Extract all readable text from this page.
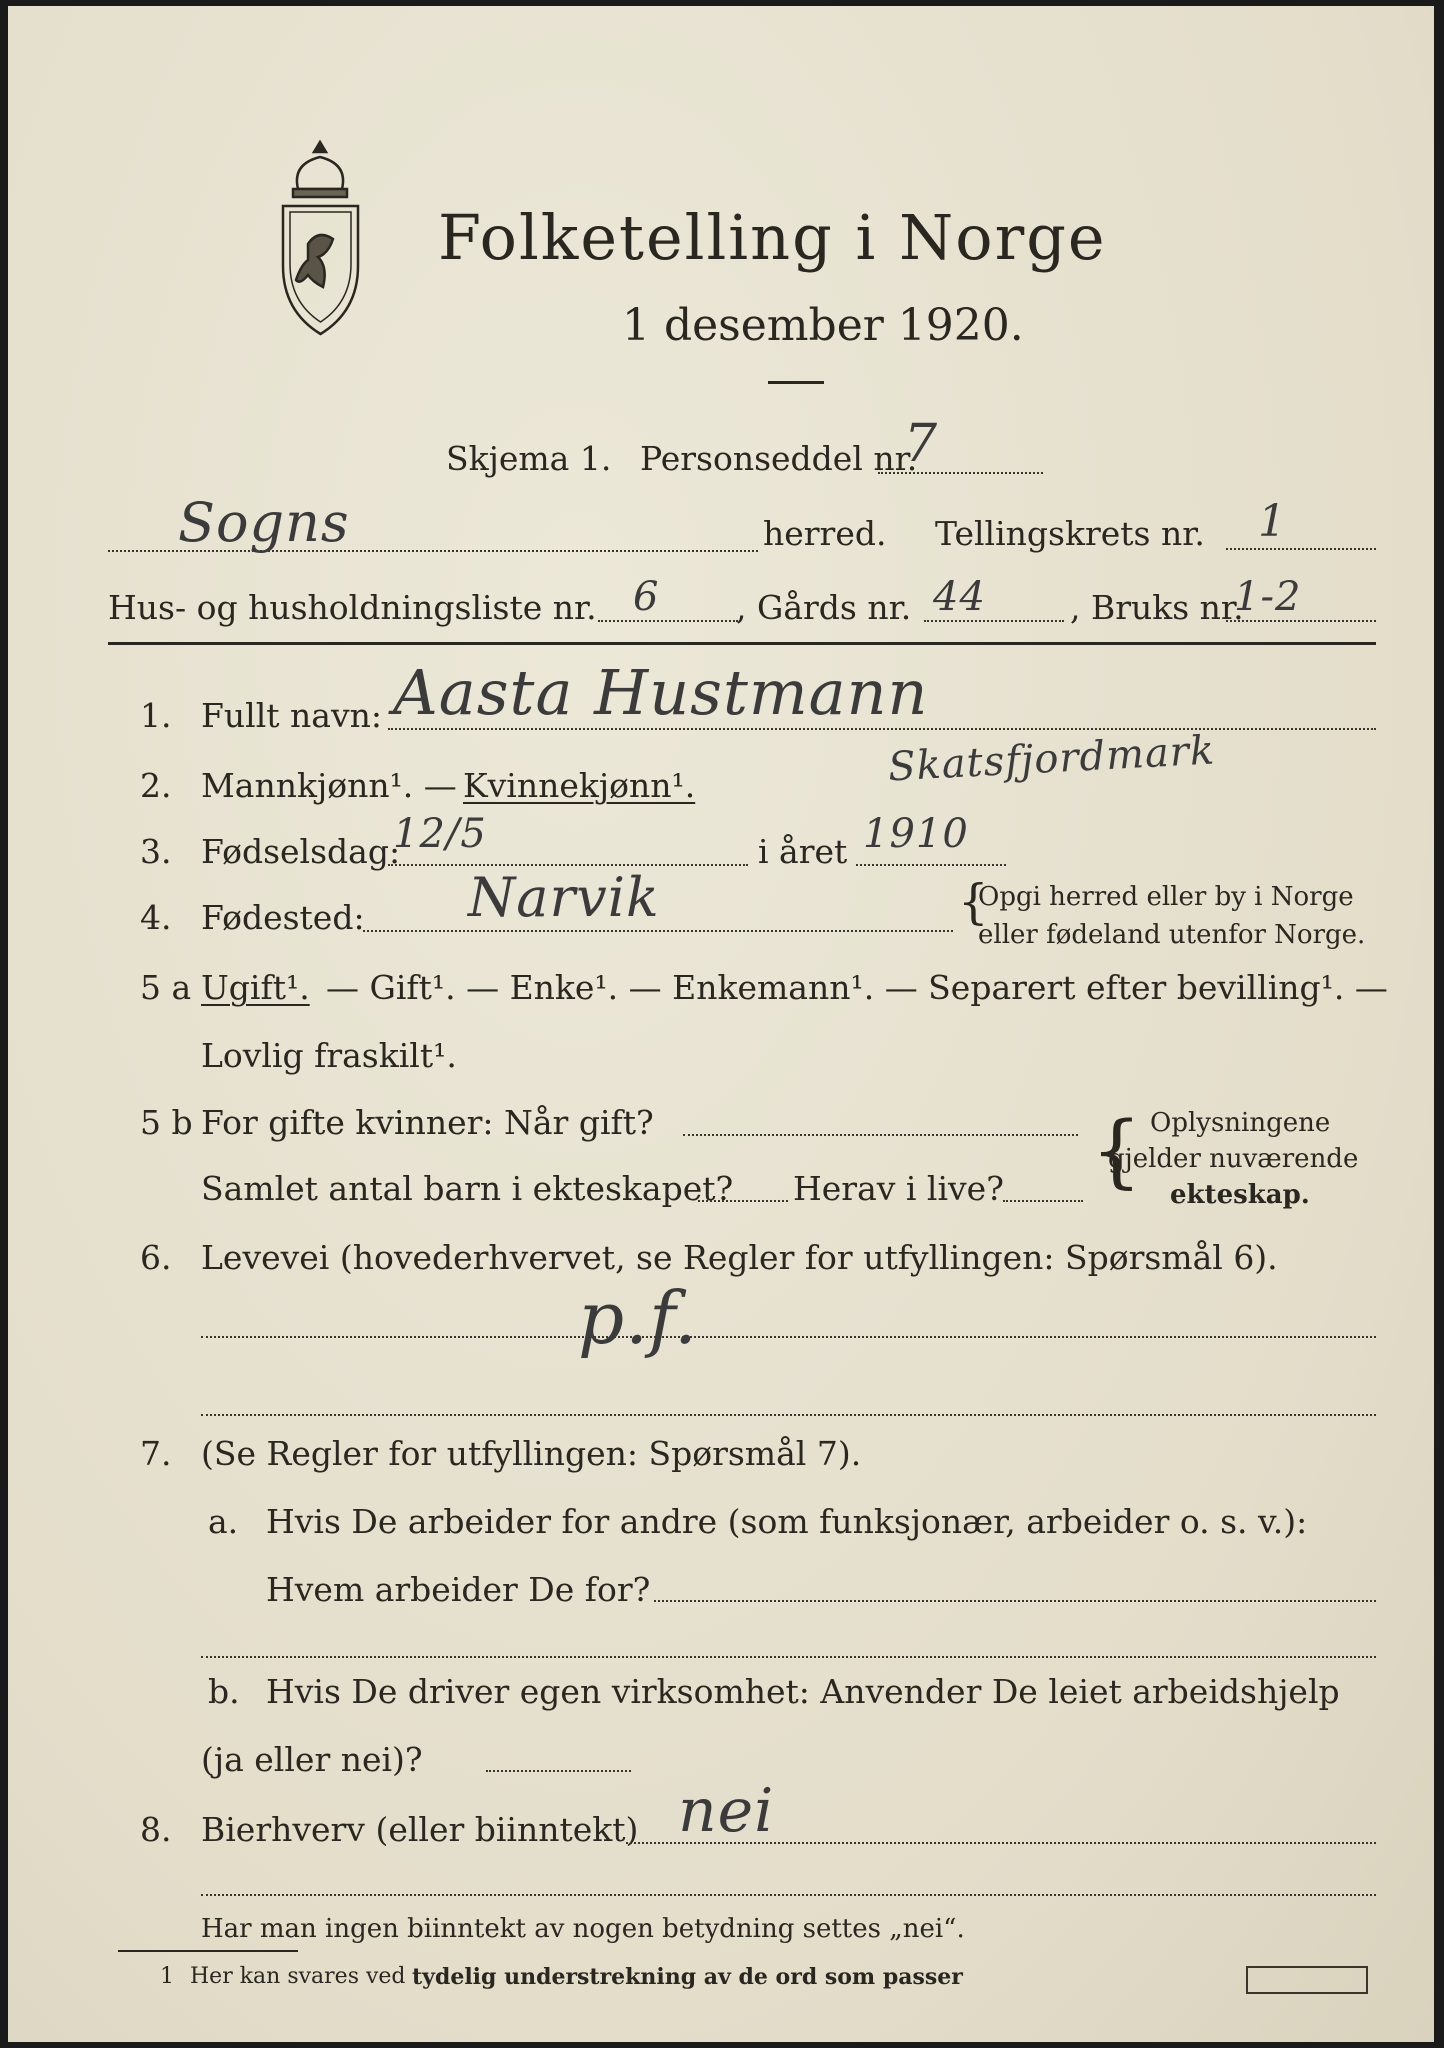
Folketelling i Norge
1 desember 1920.
Skjema 1. Personseddel nr.
7
Sogns	herred. Tellingskrets nr. 1
Hus- og husholdningsliste nr. 6 , Gårds nr. 44	, Bruks nr.
1-2
1. Fullt navn: Aasta Hustmann
2. Mannkjønn¹. — Kvinnekjønn¹.	Skatsfjordmark
3. Fødselsdag:
12/5	i året 1910
4. Fødested: Narvik	{
Opgi herred eller by i Norge
eller fødeland utenfor Norge.
5 a Ugift¹. — Gift¹. — Enke¹. — Enkemann¹. — Separert efter bevilling¹. —
Lovlig fraskilt¹.
5 b For gifte kvinner: Når gift?
Samlet antal barn i ekteskapet? Herav i live? { Oplysningene
gjelder nuværende
ekteskap.
6. Levevei (hovederhvervet, se Regler for utfyllingen: Spørsmål 6).
p.f.
7. (Se Regler for utfyllingen: Spørsmål 7).
a. Hvis De arbeider for andre (som funksjonær, arbeider o. s. v.):
Hvem arbeider De for?
b. Hvis De driver egen virksomhet: Anvender De leiet arbeidshjelp
(ja eller nei)?
8. Bierhverv (eller biinntekt) nei
Har man ingen biinntekt av nogen betydning settes „nei“.
1 Her kan svares ved tydelig understrekning av de ord som passer
